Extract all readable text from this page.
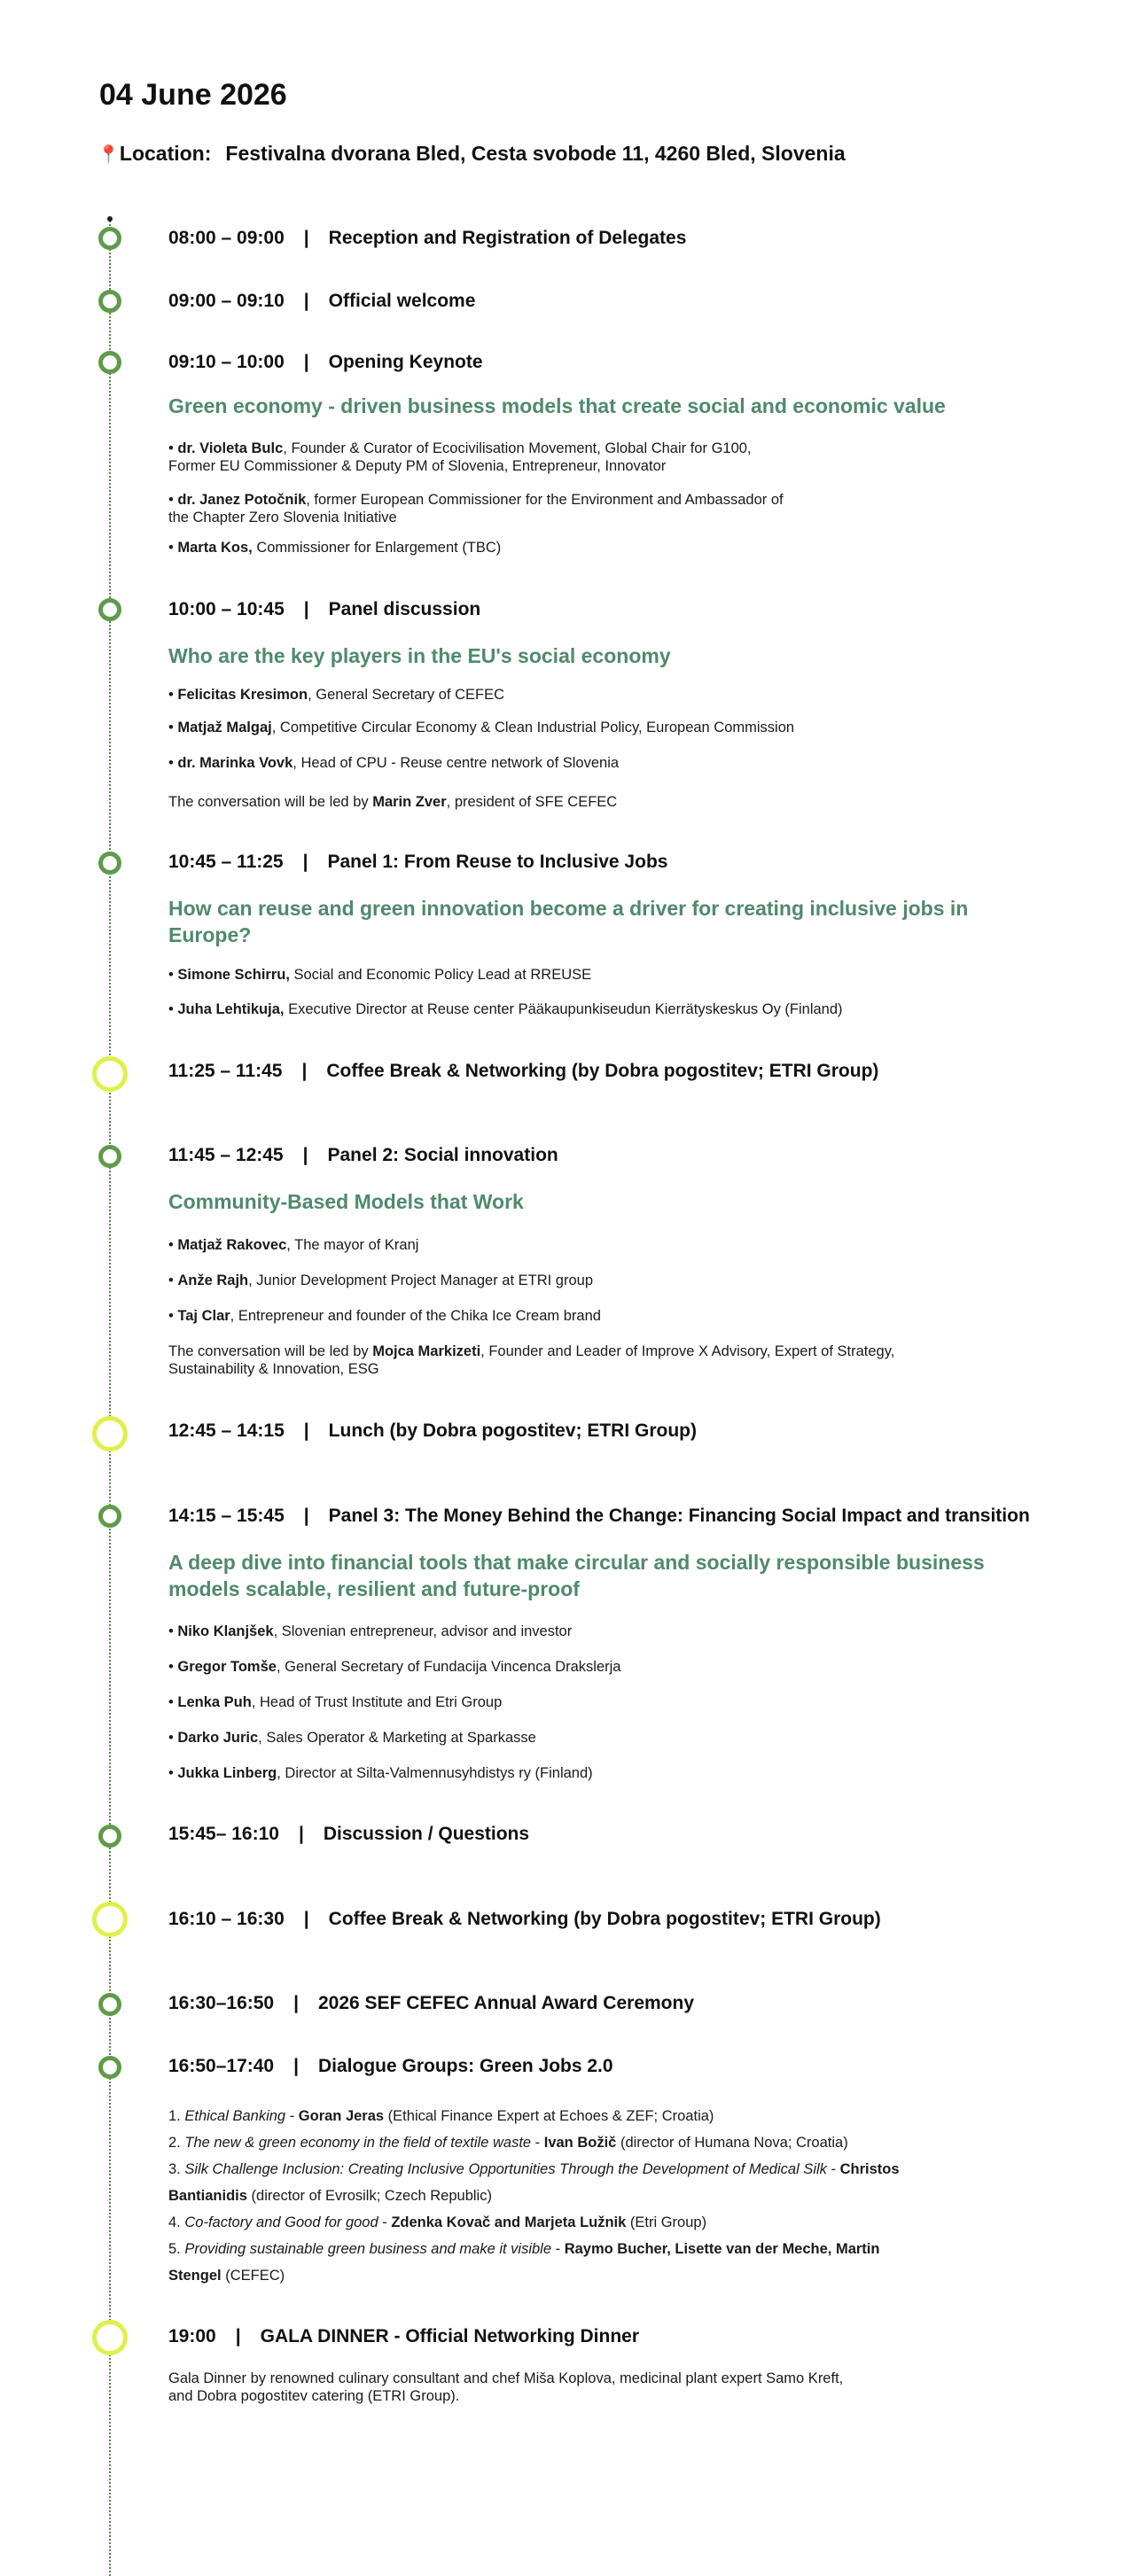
04 June 2026
📍Location: Festivalna dvorana Bled, Cesta svobode 11, 4260 Bled, Slovenia
08:00 – 09:00 | Reception and Registration of Delegates
09:00 – 09:10 | Official welcome
09:10 – 10:00 | Opening Keynote
Green economy - driven business models that create social and economic value
• dr. Violeta Bulc, Founder & Curator of Ecocivilisation Movement, Global Chair for G100,
Former EU Commissioner & Deputy PM of Slovenia, Entrepreneur, Innovator
• dr. Janez Potočnik, former European Commissioner for the Environment and Ambassador of
the Chapter Zero Slovenia Initiative
• Marta Kos, Commissioner for Enlargement (TBC)
10:00 – 10:45 | Panel discussion
Who are the key players in the EU's social economy
• Felicitas Kresimon, General Secretary of CEFEC
• Matjaž Malgaj, Competitive Circular Economy & Clean Industrial Policy, European Commission
• dr. Marinka Vovk, Head of CPU - Reuse centre network of Slovenia
The conversation will be led by Marin Zver, president of SFE CEFEC
10:45 – 11:25 | Panel 1: From Reuse to Inclusive Jobs
How can reuse and green innovation become a driver for creating inclusive jobs in
Europe?
• Simone Schirru, Social and Economic Policy Lead at RREUSE
• Juha Lehtikuja, Executive Director at Reuse center Pääkaupunkiseudun Kierrätyskeskus Oy (Finland)
11:25 – 11:45 | Coffee Break & Networking (by Dobra pogostitev; ETRI Group)
11:45 – 12:45 | Panel 2: Social innovation
Community-Based Models that Work
• Matjaž Rakovec, The mayor of Kranj
• Anže Rajh, Junior Development Project Manager at ETRI group
• Taj Clar, Entrepreneur and founder of the Chika Ice Cream brand
The conversation will be led by Mojca Markizeti, Founder and Leader of Improve X Advisory, Expert of Strategy,
Sustainability & Innovation, ESG
12:45 – 14:15 | Lunch (by Dobra pogostitev; ETRI Group)
14:15 – 15:45 | Panel 3: The Money Behind the Change: Financing Social Impact and transition
A deep dive into financial tools that make circular and socially responsible business
models scalable, resilient and future-proof
• Niko Klanjšek, Slovenian entrepreneur, advisor and investor
• Gregor Tomše, General Secretary of Fundacija Vincenca Drakslerja
• Lenka Puh, Head of Trust Institute and Etri Group
• Darko Juric, Sales Operator & Marketing at Sparkasse
• Jukka Linberg, Director at Silta-Valmennusyhdistys ry (Finland)
15:45– 16:10 | Discussion / Questions
16:10 – 16:30 | Coffee Break & Networking (by Dobra pogostitev; ETRI Group)
16:30–16:50 | 2026 SEF CEFEC Annual Award Ceremony
16:50–17:40 | Dialogue Groups: Green Jobs 2.0
1. Ethical Banking - Goran Jeras (Ethical Finance Expert at Echoes & ZEF; Croatia)
2. The new & green economy in the field of textile waste - Ivan Božič (director of Humana Nova; Croatia)
3. Silk Challenge Inclusion: Creating Inclusive Opportunities Through the Development of Medical Silk - Christos
Bantianidis (director of Evrosilk; Czech Republic)
4. Co-factory and Good for good - Zdenka Kovač and Marjeta Lužnik (Etri Group)
5. Providing sustainable green business and make it visible - Raymo Bucher, Lisette van der Meche, Martin
Stengel (CEFEC)
19:00 | GALA DINNER - Official Networking Dinner
Gala Dinner by renowned culinary consultant and chef Miša Koplova, medicinal plant expert Samo Kreft,
and Dobra pogostitev catering (ETRI Group).
